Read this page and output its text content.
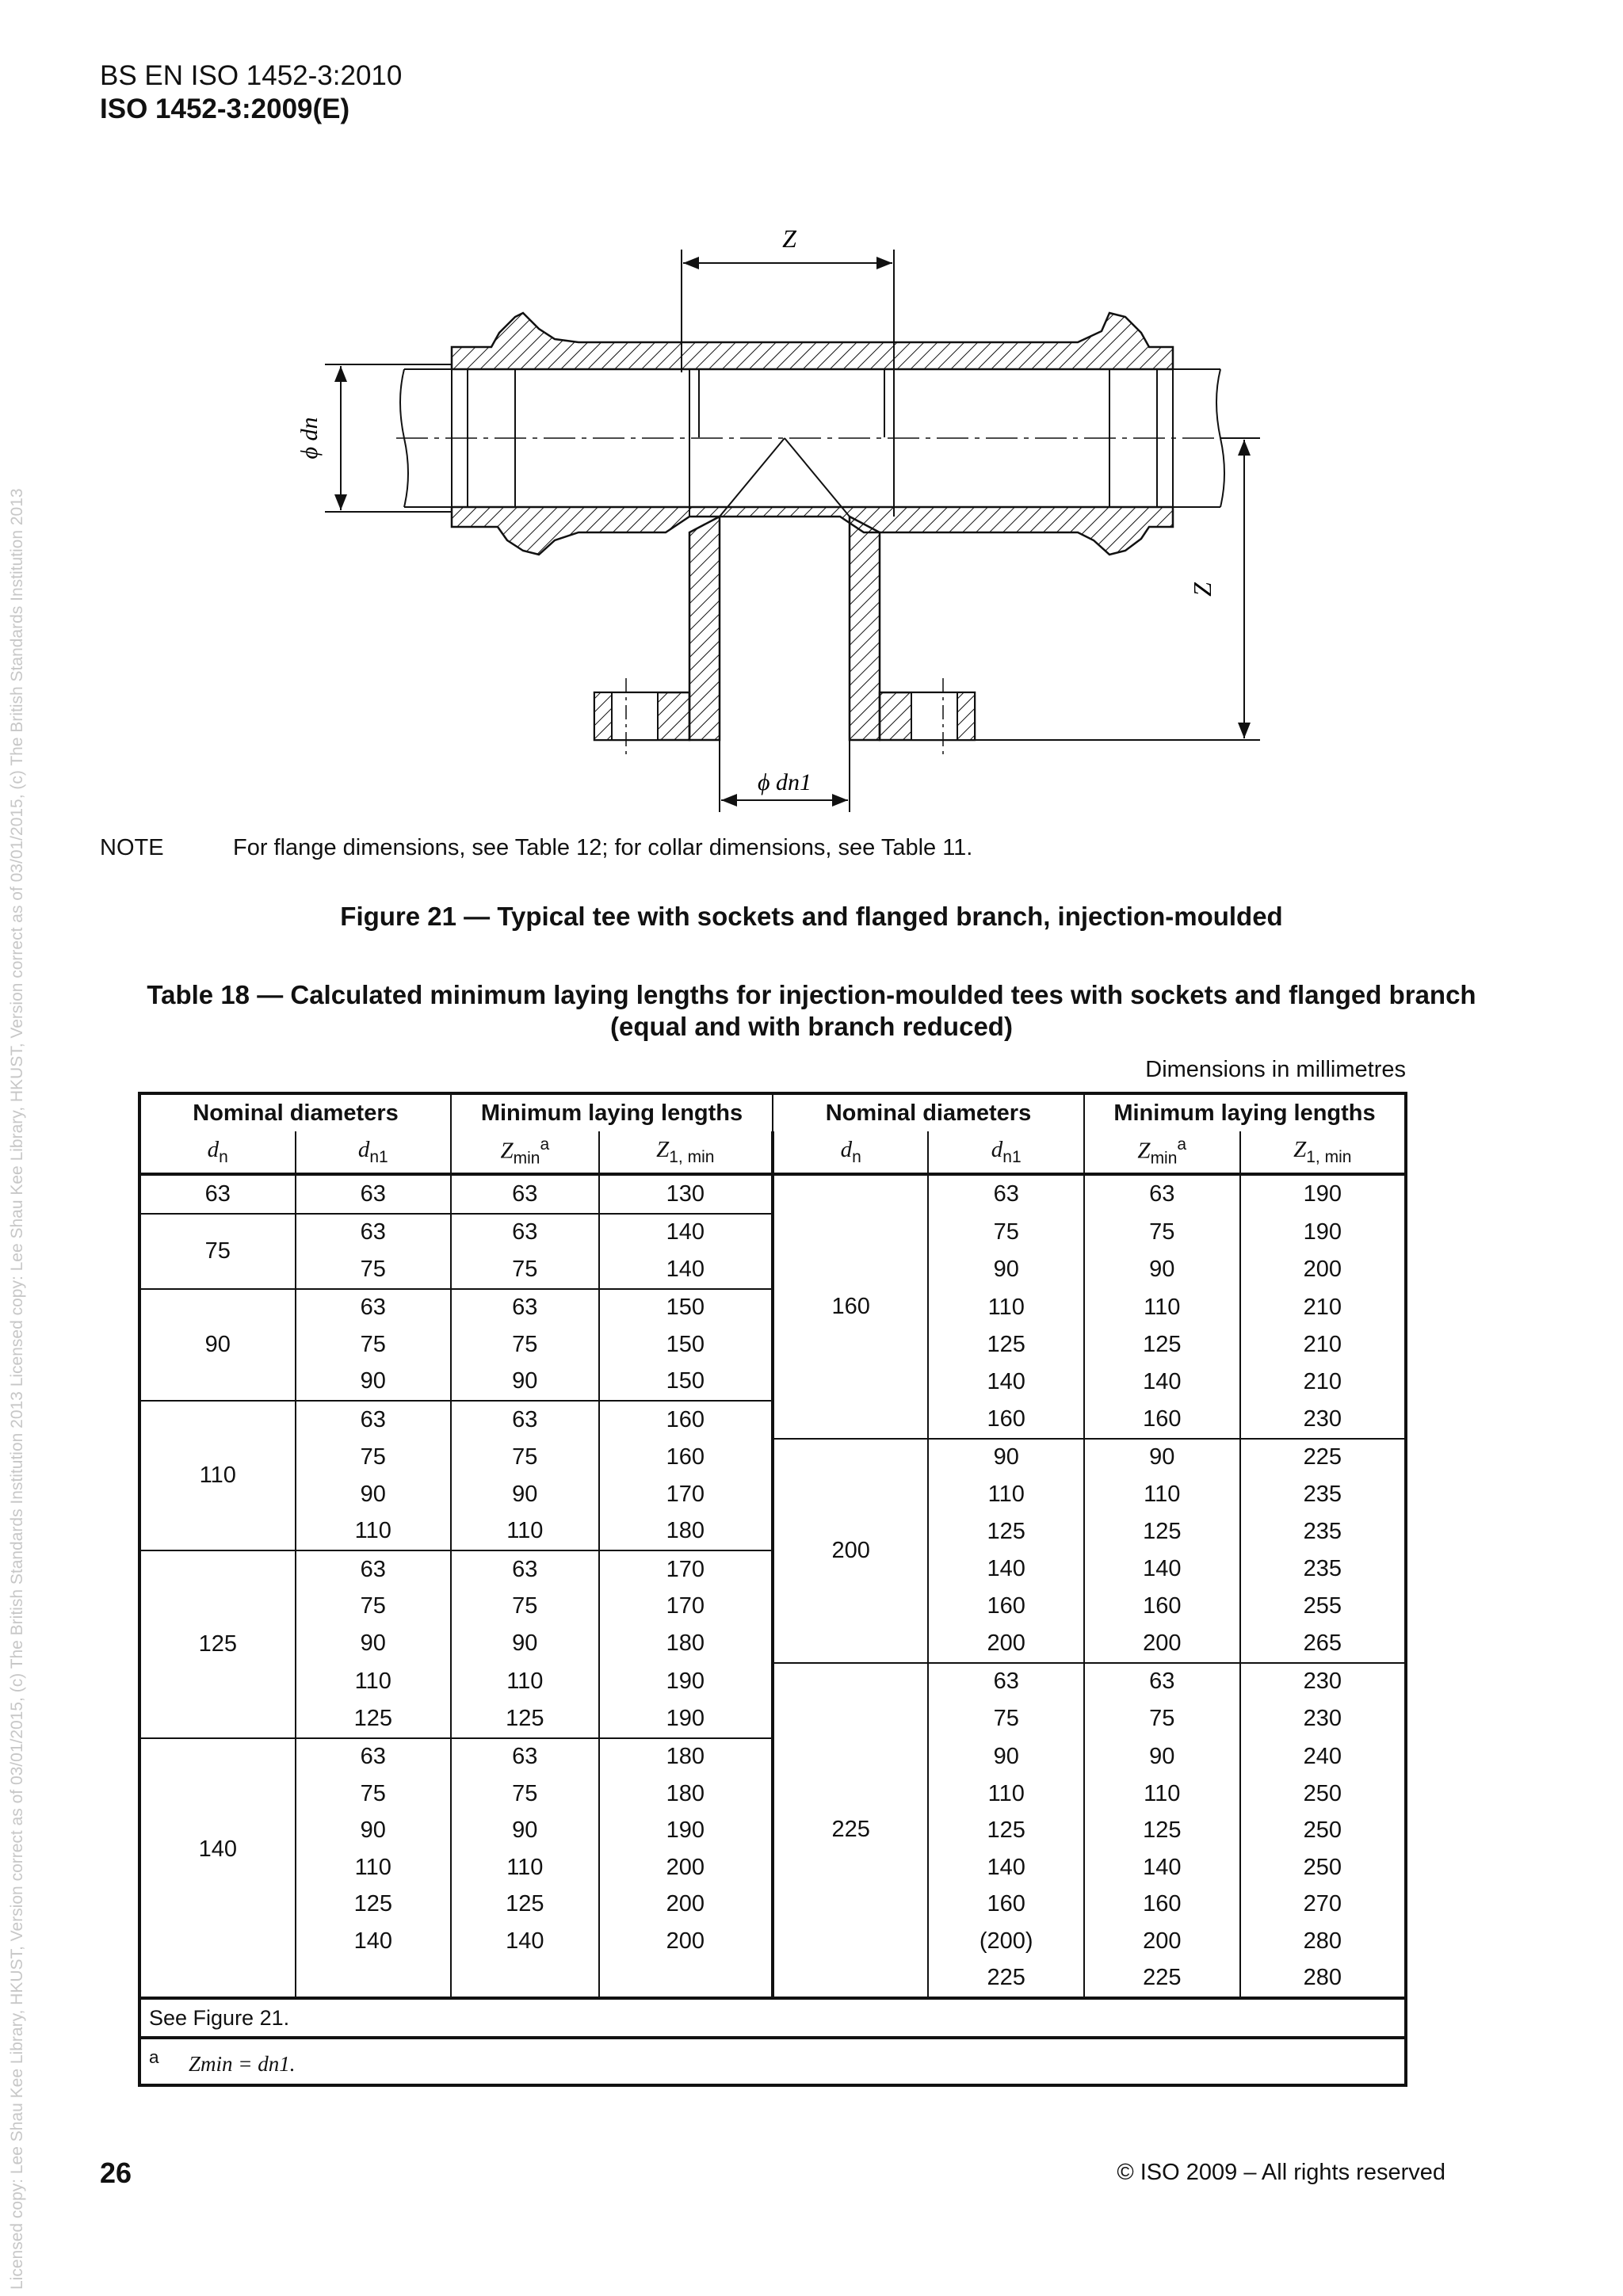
Licensed copy: Lee Shau Kee Library, HKUST, Version correct as of 03/01/2015, (c) The British Standards Institution 2013 Licensed copy: Lee Shau Kee Library, HKUST, Version correct as of 03/01/2015, (c) The British Standards Institution 2013
BS EN ISO 1452-3:2010
ISO 1452-3:2009(E)
Z
ϕ dn
Z
ϕ dn1
NOTE	For flange dimensions, see Table 12; for collar dimensions, see Table 11.
Figure 21 — Typical tee with sockets and flanged branch, injection-moulded
Table 18 — Calculated minimum laying lengths for injection-moulded tees with sockets and flanged branch (equal and with branch reduced)
Dimensions in millimetres
Nominal diameters		Minimum laying lengths		Nominal diameters		Minimum laying lengths	
$d_n$	$d_{n1}$	$Z_{min}^a$	$Z_{1, min}$	$d_n$	$d_{n1}$	$Z_{min}^a$	$Z_{1, min}$
63	63	63	130	160	63	63	190
75	63	63	140		75	75	190
	75	75	140		90	90	200
90	63	63	150		110	110	210
	75	75	150		125	125	210
	90	90	150		140	140	210
110	63	63	160		160	160	230
	75	75	160	200	90	90	225
	90	90	170		110	110	235
	110	110	180		125	125	235
125	63	63	170		140	140	235
	75	75	170		160	160	255
	90	90	180		200	200	265
	110	110	190	225	63	63	230
	125	125	190		75	75	230
140	63	63	180		90	90	240
	75	75	180		110	110	250
	90	90	190		125	125	250
	110	110	200		140	140	250
	125	125	200		160	160	270
	140	140	200		(200)	200	280
					225	225	280
See Figure 21.							
$^a$ Zmin = dn1.							
26	© ISO 2009 – All rights reserved
